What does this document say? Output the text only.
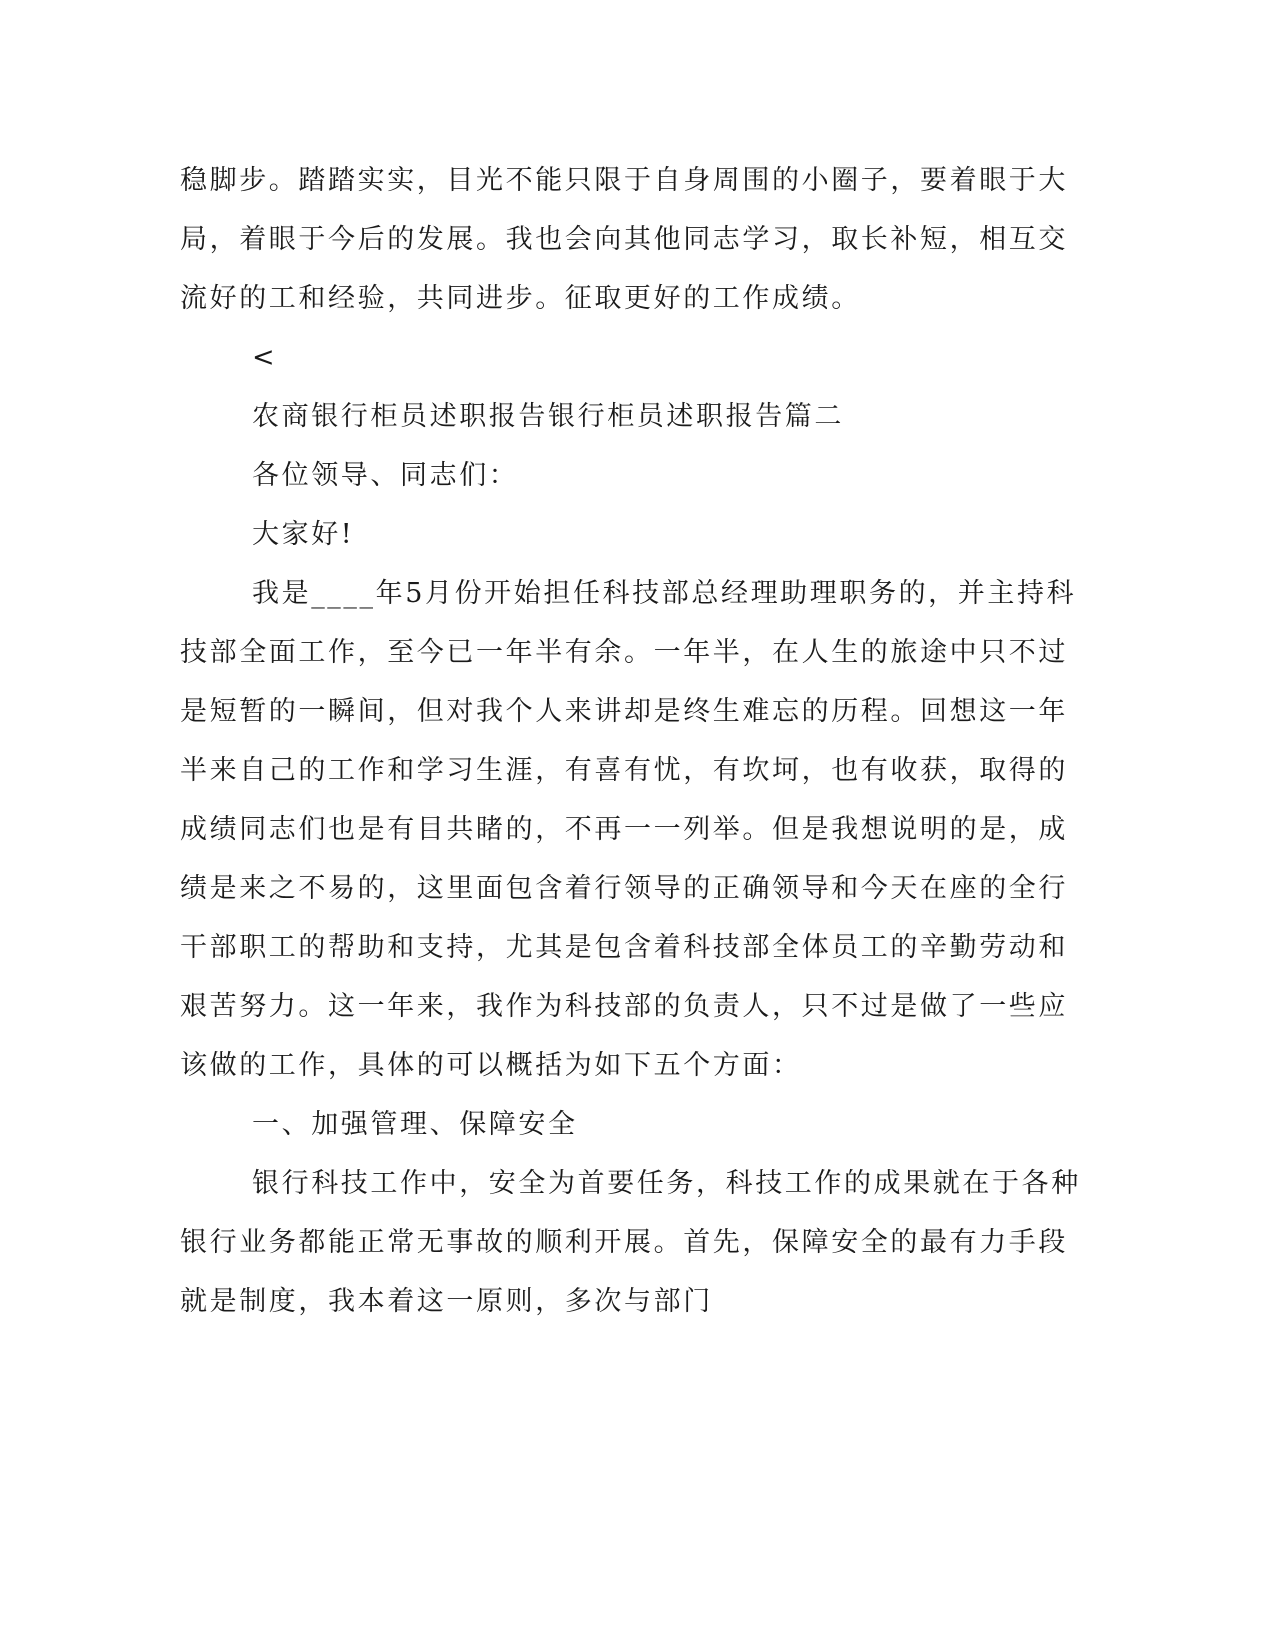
稳脚步。踏踏实实，目光不能只限于自身周围的小圈子，要着眼于大

局，着眼于今后的发展。我也会向其他同志学习，取长补短，相互交

流好的工和经验，共同进步。征取更好的工作成绩。

<

农商银行柜员述职报告银行柜员述职报告篇二

各位领导、同志们：

大家好!

我是____年5月份开始担任科技部总经理助理职务的，并主持科

技部全面工作，至今已一年半有余。一年半，在人生的旅途中只不过

是短暂的一瞬间，但对我个人来讲却是终生难忘的历程。回想这一年

半来自己的工作和学习生涯，有喜有忧，有坎坷，也有收获，取得的

成绩同志们也是有目共睹的，不再一一列举。但是我想说明的是，成

绩是来之不易的，这里面包含着行领导的正确领导和今天在座的全行

干部职工的帮助和支持，尤其是包含着科技部全体员工的辛勤劳动和

艰苦努力。这一年来，我作为科技部的负责人，只不过是做了一些应

该做的工作，具体的可以概括为如下五个方面：

一、加强管理、保障安全

银行科技工作中，安全为首要任务，科技工作的成果就在于各种

银行业务都能正常无事故的顺利开展。首先，保障安全的最有力手段

就是制度，我本着这一原则，多次与部门
